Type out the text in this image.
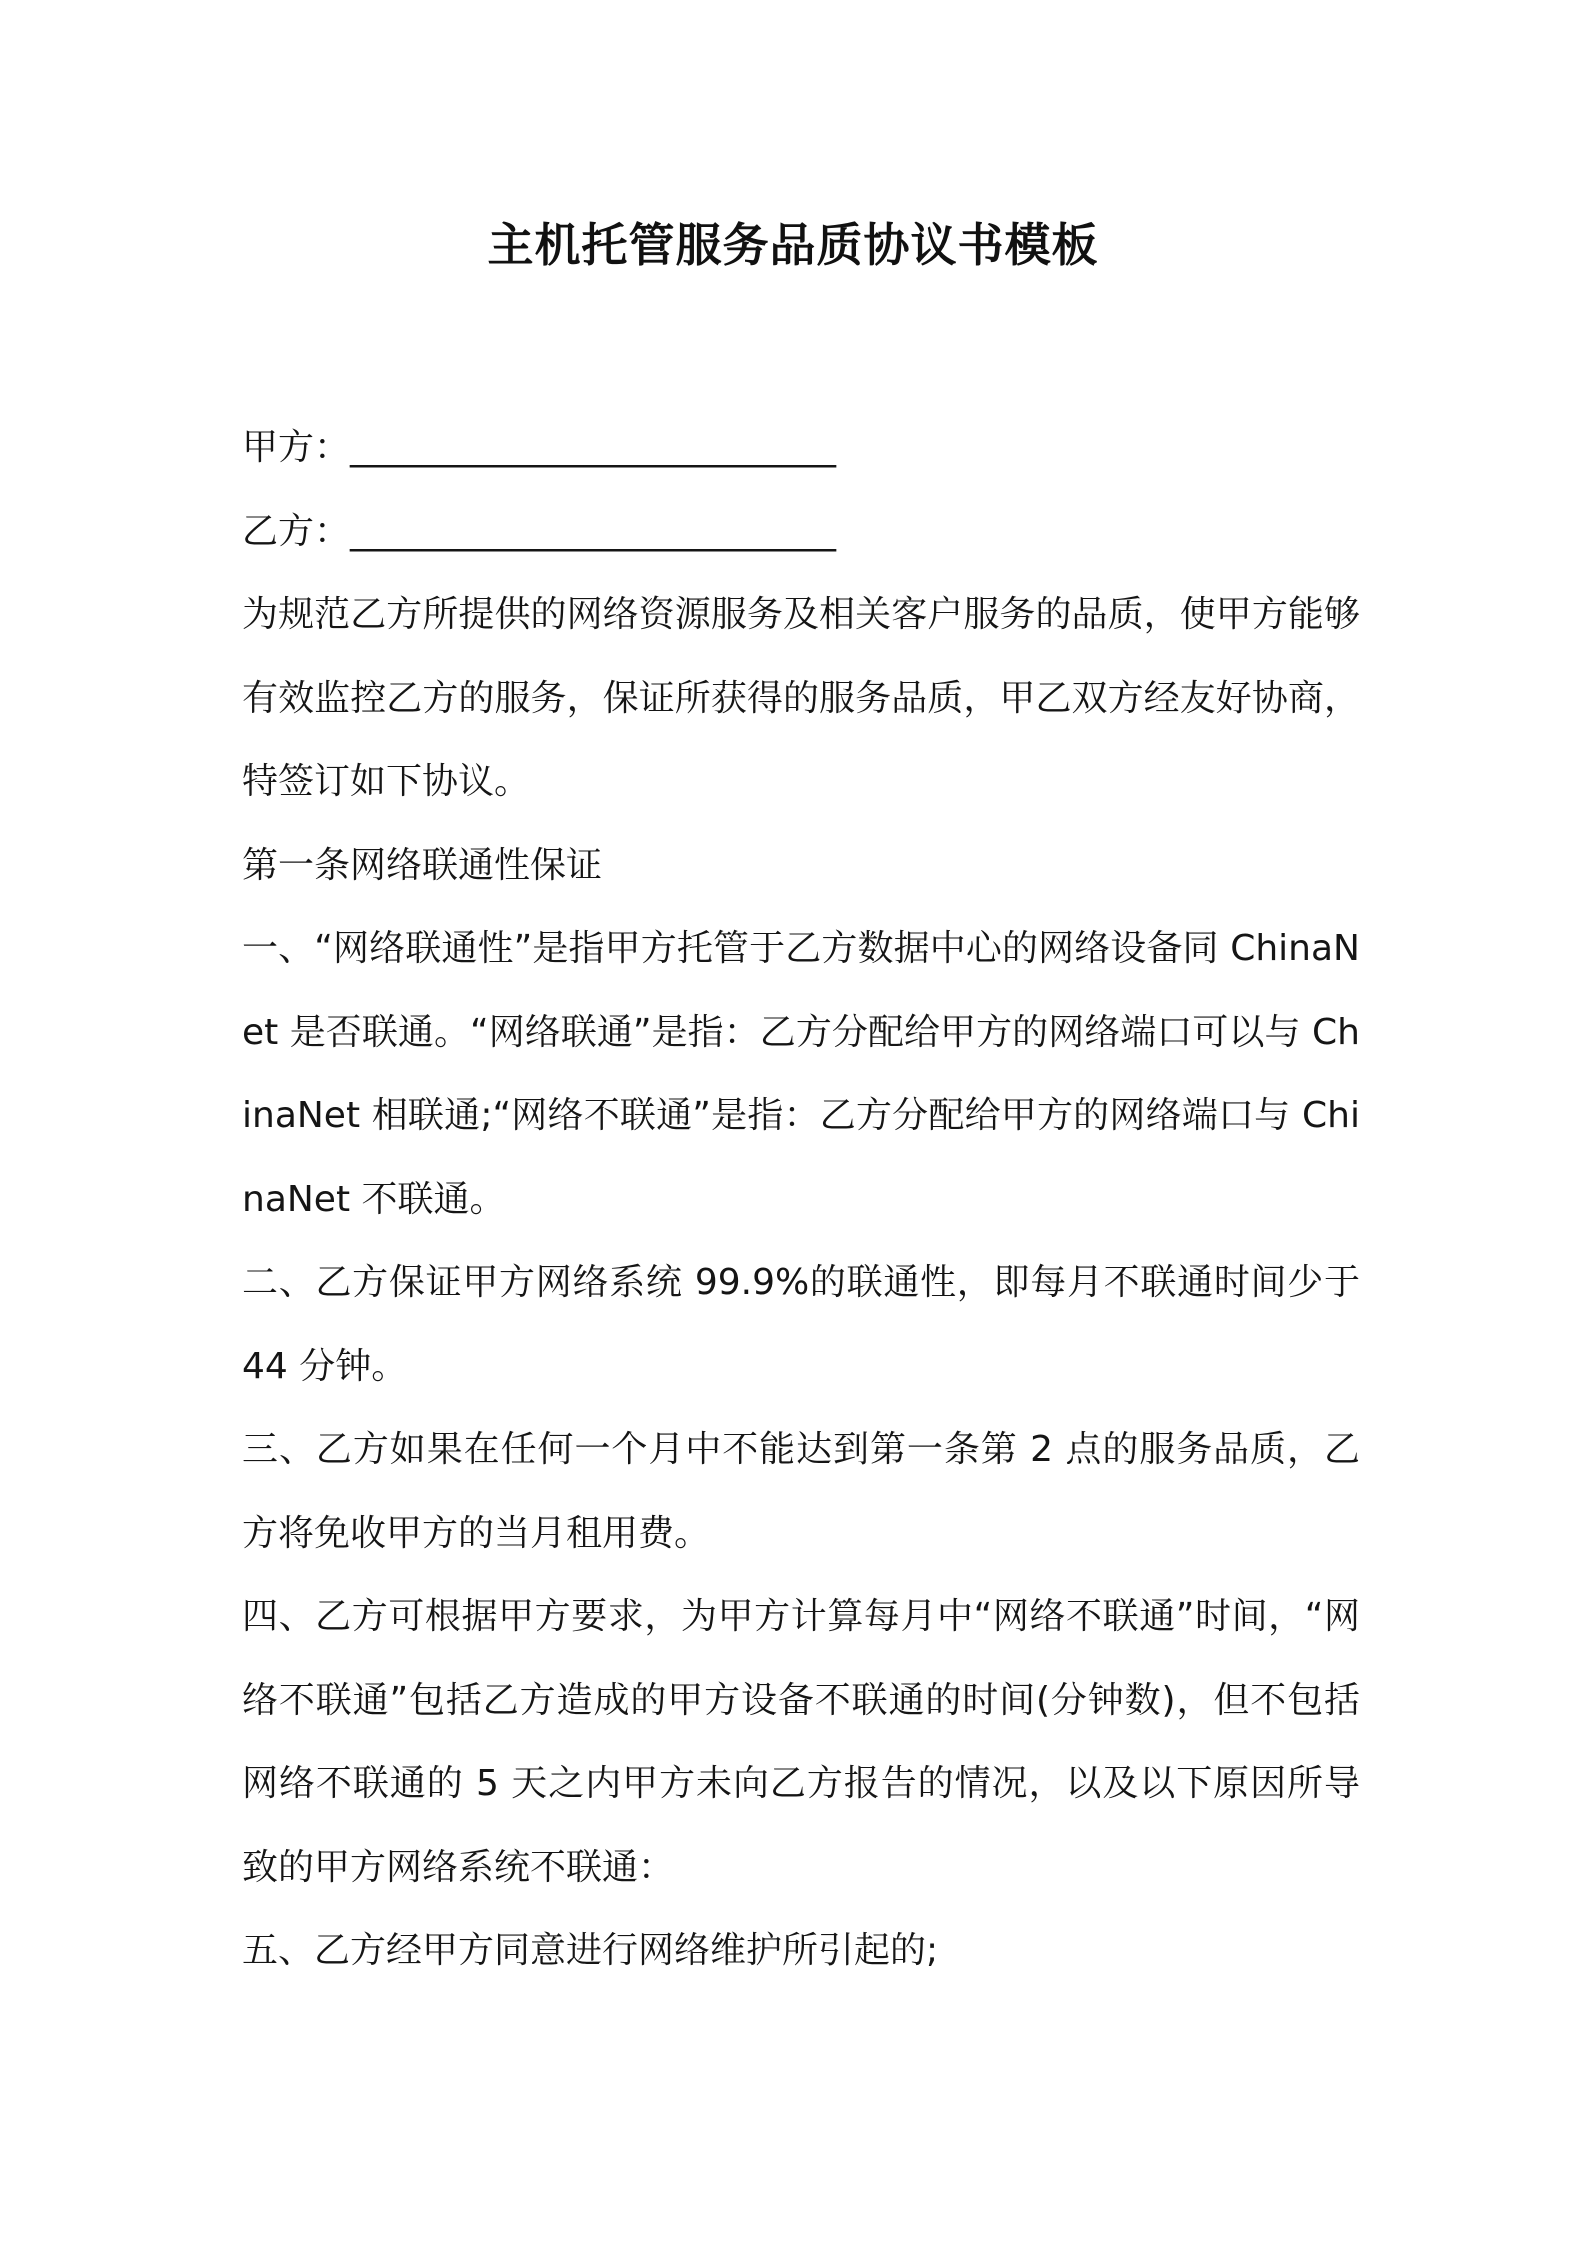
主机托管服务品质协议书模板
甲方：___________________________
乙方：___________________________

为规范乙方所提供的网络资源服务及相关客户服务的品质，使甲方能够有效监控乙方的服务，保证所获得的服务品质，甲乙双方经友好协商，特签订如下协议。

第一条网络联通性保证

一、“网络联通性”是指甲方托管于乙方数据中心的网络设备同 ChinaNet 是否联通。“网络联通”是指：乙方分配给甲方的网络端口可以与 ChinaNet 相联通;“网络不联通”是指：乙方分配给甲方的网络端口与 ChinaNet 不联通。

二、乙方保证甲方网络系统 99.9%的联通性，即每月不联通时间少于 44 分钟。

三、乙方如果在任何一个月中不能达到第一条第 2 点的服务品质，乙方将免收甲方的当月租用费。

四、乙方可根据甲方要求，为甲方计算每月中“网络不联通”时间，“网络不联通”包括乙方造成的甲方设备不联通的时间(分钟数)，但不包括网络不联通的 5 天之内甲方未向乙方报告的情况，以及以下原因所导致的甲方网络系统不联通：

五、乙方经甲方同意进行网络维护所引起的;
